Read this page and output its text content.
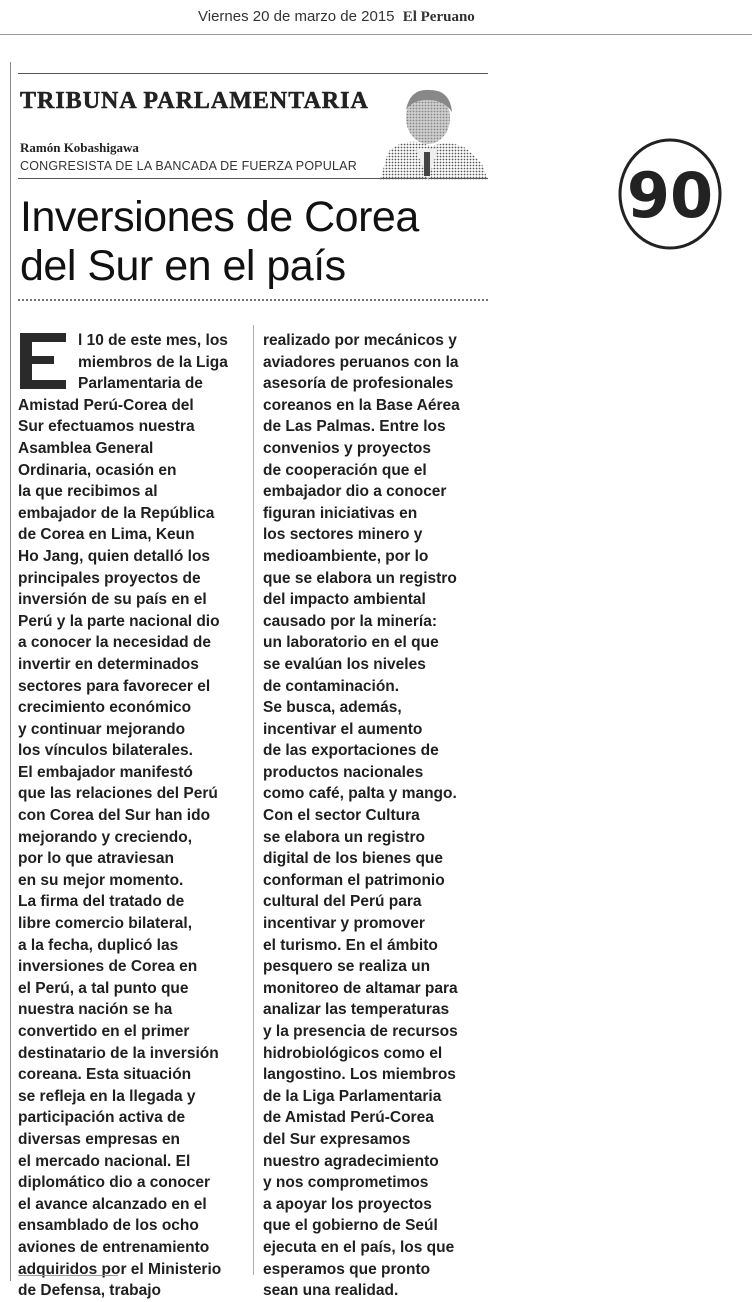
Viernes 20 de marzo de 2015 El Peruano
TRIBUNA PARLAMENTARIA
Ramón Kobashigawa
CONGRESISTA DE LA BANCADA DE FUERZA POPULAR
Inversiones de Corea
del Sur en el país
90
l 10 de este mes, los
miembros de la Liga
Parlamentaria de
Amistad Perú-Corea del
Sur efectuamos nuestra
Asamblea General
Ordinaria, ocasión en
la que recibimos al
embajador de la República
de Corea en Lima, Keun
Ho Jang, quien detalló los
principales proyectos de
inversión de su país en el
Perú y la parte nacional dio
a conocer la necesidad de
invertir en determinados
sectores para favorecer el
crecimiento económico
y continuar mejorando
los vínculos bilaterales.
El embajador manifestó
que las relaciones del Perú
con Corea del Sur han ido
mejorando y creciendo,
por lo que atraviesan
en su mejor momento.
La firma del tratado de
libre comercio bilateral,
a la fecha, duplicó las
inversiones de Corea en
el Perú, a tal punto que
nuestra nación se ha
convertido en el primer
destinatario de la inversión
coreana. Esta situación
se refleja en la llegada y
participación activa de
diversas empresas en
el mercado nacional. El
diplomático dio a conocer
el avance alcanzado en el
ensamblado de los ocho
aviones de entrenamiento
adquiridos por el Ministerio
de Defensa, trabajo
realizado por mecánicos y
aviadores peruanos con la
asesoría de profesionales
coreanos en la Base Aérea
de Las Palmas. Entre los
convenios y proyectos
de cooperación que el
embajador dio a conocer
figuran iniciativas en
los sectores minero y
medioambiente, por lo
que se elabora un registro
del impacto ambiental
causado por la minería:
un laboratorio en el que
se evalúan los niveles
de contaminación.
Se busca, además,
incentivar el aumento
de las exportaciones de
productos nacionales
como café, palta y mango.
Con el sector Cultura
se elabora un registro
digital de los bienes que
conforman el patrimonio
cultural del Perú para
incentivar y promover
el turismo. En el ámbito
pesquero se realiza un
monitoreo de altamar para
analizar las temperaturas
y la presencia de recursos
hidrobiológicos como el
langostino. Los miembros
de la Liga Parlamentaria
de Amistad Perú-Corea
del Sur expresamos
nuestro agradecimiento
y nos comprometimos
a apoyar los proyectos
que el gobierno de Seúl
ejecuta en el país, los que
esperamos que pronto
sean una realidad.
